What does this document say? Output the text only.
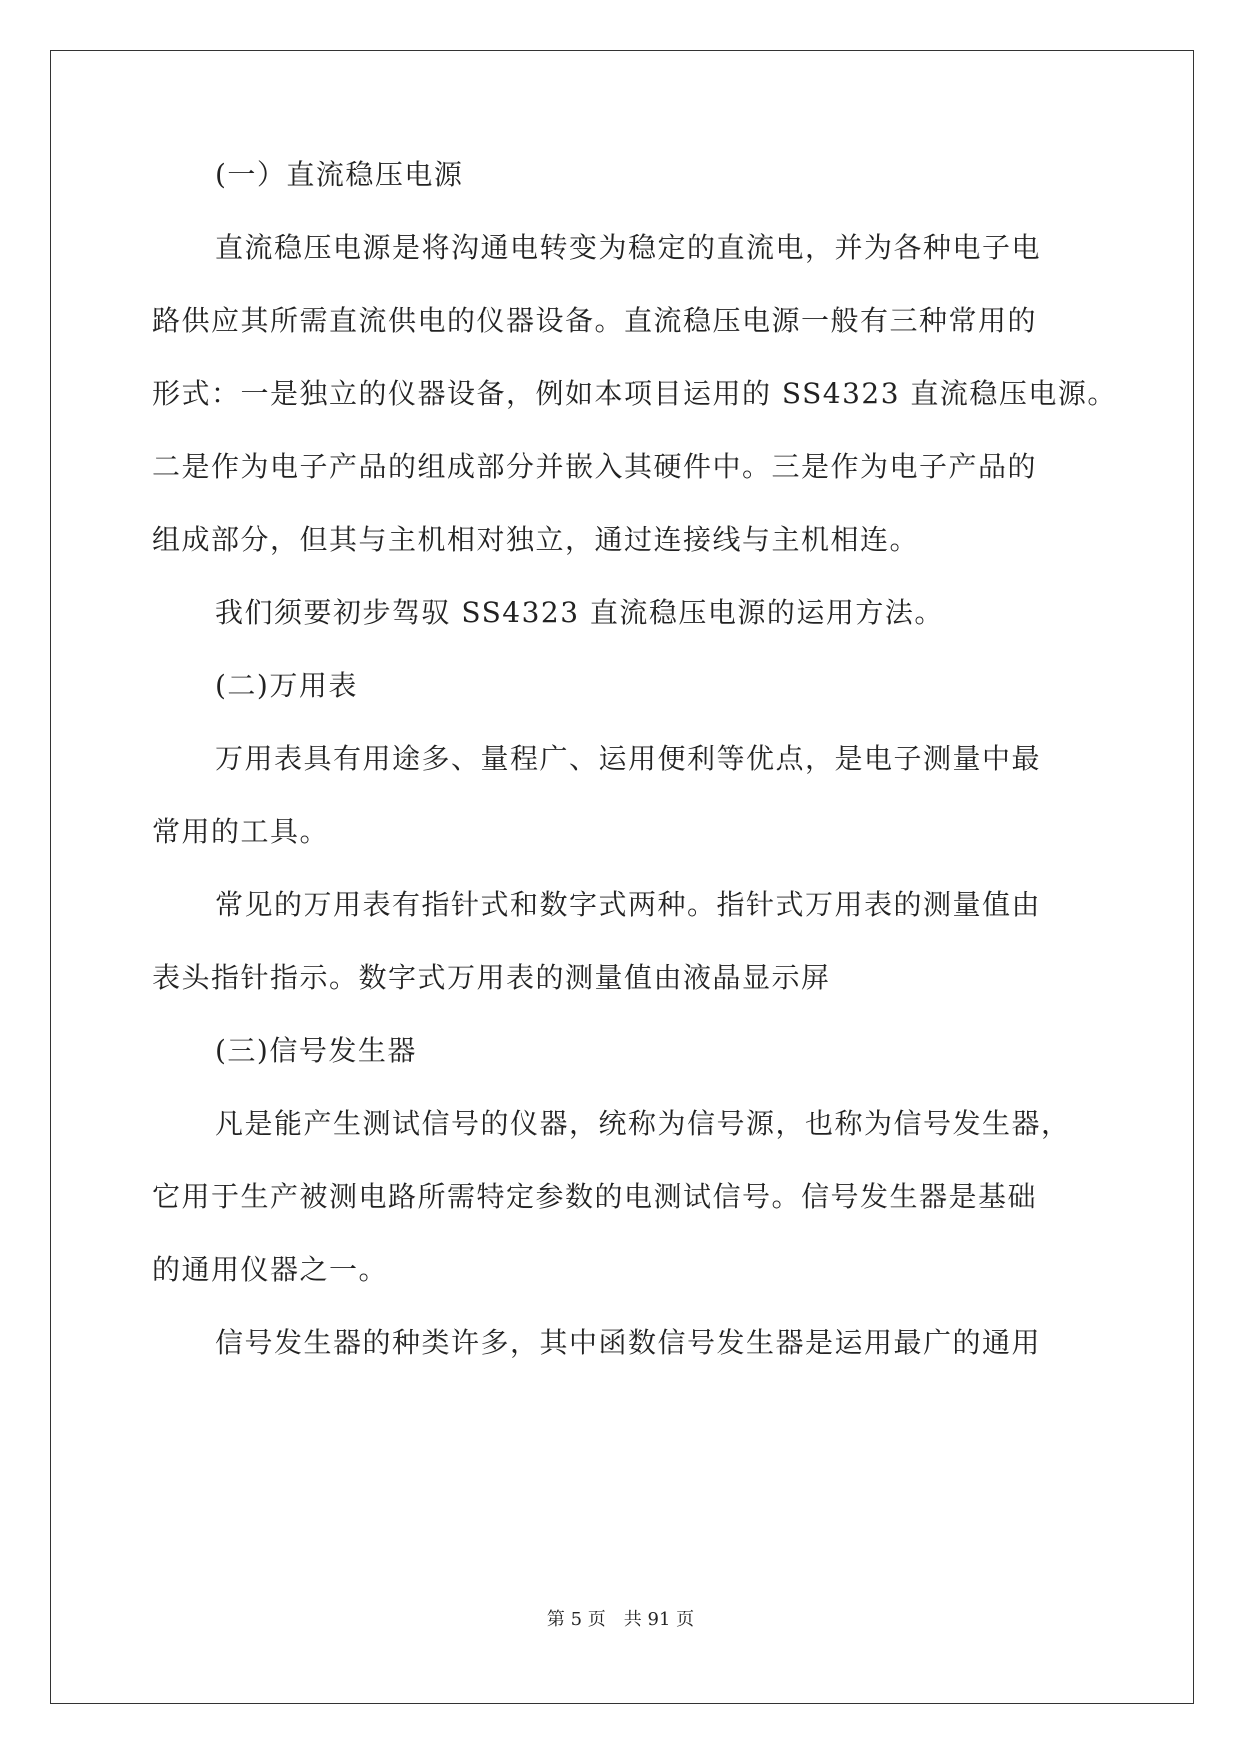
(一）直流稳压电源
直流稳压电源是将沟通电转变为稳定的直流电，并为各种电子电
路供应其所需直流供电的仪器设备。直流稳压电源一般有三种常用的
形式：一是独立的仪器设备，例如本项目运用的 SS4323 直流稳压电源。
二是作为电子产品的组成部分并嵌入其硬件中。三是作为电子产品的
组成部分，但其与主机相对独立，通过连接线与主机相连。
我们须要初步驾驭 SS4323 直流稳压电源的运用方法。
(二)万用表
万用表具有用途多、量程广、运用便利等优点，是电子测量中最
常用的工具。
常见的万用表有指针式和数字式两种。指针式万用表的测量值由
表头指针指示。数字式万用表的测量值由液晶显示屏
(三)信号发生器
凡是能产生测试信号的仪器，统称为信号源，也称为信号发生器，
它用于生产被测电路所需特定参数的电测试信号。信号发生器是基础
的通用仪器之一。
信号发生器的种类许多，其中函数信号发生器是运用最广的通用
第 5 页　共 91 页
